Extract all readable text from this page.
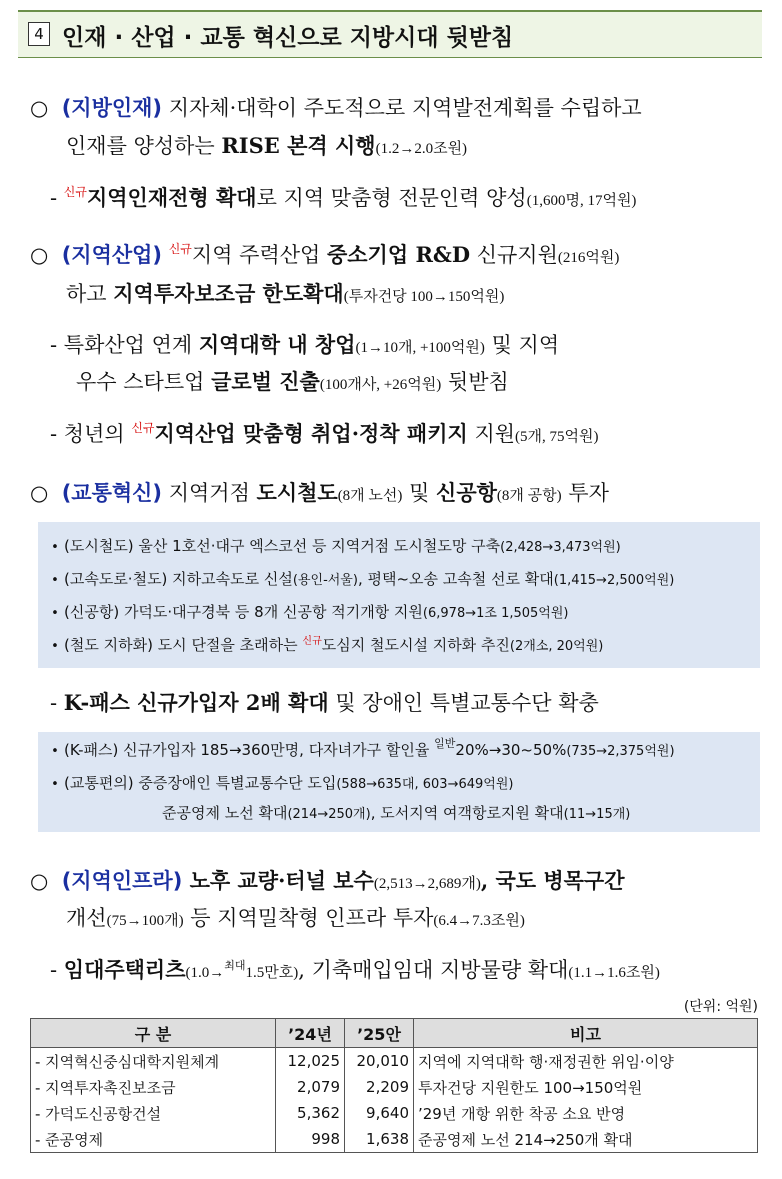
4 인재 · 산업 · 교통 혁신으로 지방시대 뒷받침
○ (지방인재) 지자체·대학이 주도적으로 지역발전계획를 수립하고
인재를 양성하는 RISE 본격 시행(1.2→2.0조원)
- $^{신규}$지역인재전형 확대로 지역 맞춤형 전문인력 양성(1,600명, 17억원)
○ (지역산업) $^{신규}$지역 주력산업 중소기업 R&D 신규지원(216억원)
하고 지역투자보조금 한도확대(투자건당 100→150억원)
- 특화산업 연계 지역대학 내 창업(1→10개, +100억원) 및 지역
우수 스타트업 글로벌 진출(100개사, +26억원) 뒷받침
- 청년의 $^{신규}$지역산업 맞춤형 취업·정착 패키지 지원(5개, 75억원)
○ (교통혁신) 지역거점 도시철도(8개 노선) 및 신공항(8개 공항) 투자
• (도시철도) 울산 1호선·대구 엑스코선 등 지역거점 도시철도망 구축(2,428→3,473억원)
• (고속도로·철도) 지하고속도로 신설(용인-서울), 평택~오송 고속철 선로 확대(1,415→2,500억원)
• (신공항) 가덕도·대구경북 등 8개 신공항 적기개항 지원(6,978→1조 1,505억원)
• (철도 지하화) 도시 단절을 초래하는 $^{신규}$도심지 철도시설 지하화 추진(2개소, 20억원)
- K-패스 신규가입자 2배 확대 및 장애인 특별교통수단 확충
• (K-패스) 신규가입자 185→360만명, 다자녀가구 할인율 $^{일반}$20%→30~50%(735→2,375억원)
• (교통편의) 중증장애인 특별교통수단 도입(588→635대, 603→649억원)
준공영제 노선 확대(214→250개), 도서지역 여객항로지원 확대(11→15개)
○ (지역인프라) 노후 교량·터널 보수(2,513→2,689개), 국도 병목구간
개선(75→100개) 등 지역밀착형 인프라 투자(6.4→7.3조원)
- 임대주택리츠(1.0→$^{최대}$1.5만호), 기축매입임대 지방물량 확대(1.1→1.6조원)
(단위: 억원)
구 분	’24년	’25안	비고
- 지역혁신중심대학지원체계	12,025	20,010	지역에 지역대학 행·재정권한 위임·이양
- 지역투자촉진보조금	2,079	2,209	투자건당 지원한도 100→150억원
- 가덕도신공항건설	5,362	9,640	’29년 개항 위한 착공 소요 반영
- 준공영제	998	1,638	준공영제 노선 214→250개 확대
